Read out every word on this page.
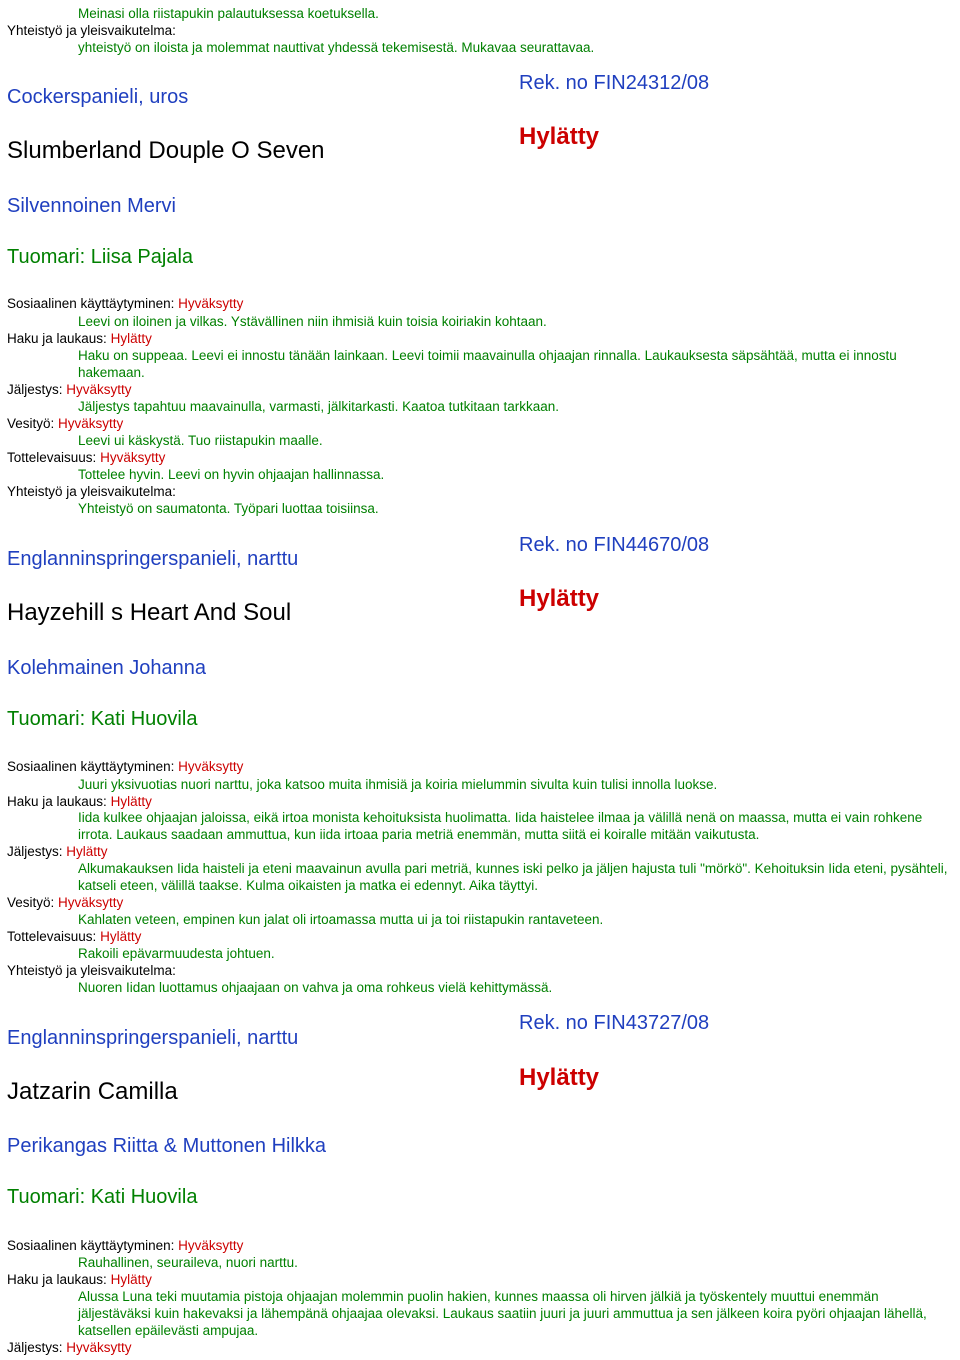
Meinasi olla riistapukin palautuksessa koetuksella.
Yhteistyö ja yleisvaikutelma:
yhteistyö on iloista ja molemmat nauttivat yhdessä tekemisestä. Mukavaa seurattavaa.
Cockerspanieli, uros
Slumberland Douple O Seven
Rek. no FIN24312/08
Hylätty
Silvennoinen Mervi
Tuomari: Liisa Pajala
Sosiaalinen käyttäytyminen: Hyväksytty
Leevi on iloinen ja vilkas. Ystävällinen niin ihmisiä kuin toisia koiriakin kohtaan.
Haku ja laukaus: Hylätty
Haku on suppeaa. Leevi ei innostu tänään lainkaan. Leevi toimii maavainulla ohjaajan rinnalla. Laukauksesta säpsähtää, mutta ei innostu hakemaan.
Jäljestys: Hyväksytty
Jäljestys tapahtuu maavainulla, varmasti, jälkitarkasti. Kaatoa tutkitaan tarkkaan.
Vesityö: Hyväksytty
Leevi ui käskystä. Tuo riistapukin maalle.
Tottelevaisuus: Hyväksytty
Tottelee hyvin. Leevi on hyvin ohjaajan hallinnassa.
Yhteistyö ja yleisvaikutelma:
Yhteistyö on saumatonta. Työpari luottaa toisiinsa.
Englanninspringerspanieli, narttu
Hayzehill s Heart And Soul
Rek. no FIN44670/08
Hylätty
Kolehmainen Johanna
Tuomari: Kati Huovila
Sosiaalinen käyttäytyminen: Hyväksytty
Juuri yksivuotias nuori narttu, joka katsoo muita ihmisiä ja koiria mielummin sivulta kuin tulisi innolla luokse.
Haku ja laukaus: Hylätty
Iida kulkee ohjaajan jaloissa, eikä irtoa monista kehoituksista huolimatta. Iida haistelee ilmaa ja välillä nenä on maassa, mutta ei vain rohkene irrota. Laukaus saadaan ammuttua, kun iida irtoaa paria metriä enemmän, mutta siitä ei koiralle mitään vaikutusta.
Jäljestys: Hylätty
Alkumakauksen Iida haisteli ja eteni maavainun avulla pari metriä, kunnes iski pelko ja jäljen hajusta tuli "mörkö". Kehoituksin Iida eteni, pysähteli, katseli eteen, välillä taakse. Kulma oikaisten ja matka ei edennyt. Aika täyttyi.
Vesityö: Hyväksytty
Kahlaten veteen, empinen kun jalat oli irtoamassa mutta ui ja toi riistapukin rantaveteen.
Tottelevaisuus: Hylätty
Rakoili epävarmuudesta johtuen.
Yhteistyö ja yleisvaikutelma:
Nuoren Iidan luottamus ohjaajaan on vahva ja oma rohkeus vielä kehittymässä.
Englanninspringerspanieli, narttu
Jatzarin Camilla
Rek. no FIN43727/08
Hylätty
Perikangas Riitta & Muttonen Hilkka
Tuomari: Kati Huovila
Sosiaalinen käyttäytyminen: Hyväksytty
Rauhallinen, seuraileva, nuori narttu.
Haku ja laukaus: Hylätty
Alussa Luna teki muutamia pistoja ohjaajan molemmin puolin hakien, kunnes maassa oli hirven jälkiä ja työskentely muuttui enemmän jäljestäväksi kuin hakevaksi ja lähempänä ohjaajaa olevaksi. Laukaus saatiin juuri ja juuri ammuttua ja sen jälkeen koira pyöri ohjaajan lähellä, katsellen epäilevästi ampujaa.
Jäljestys: Hyväksytty
